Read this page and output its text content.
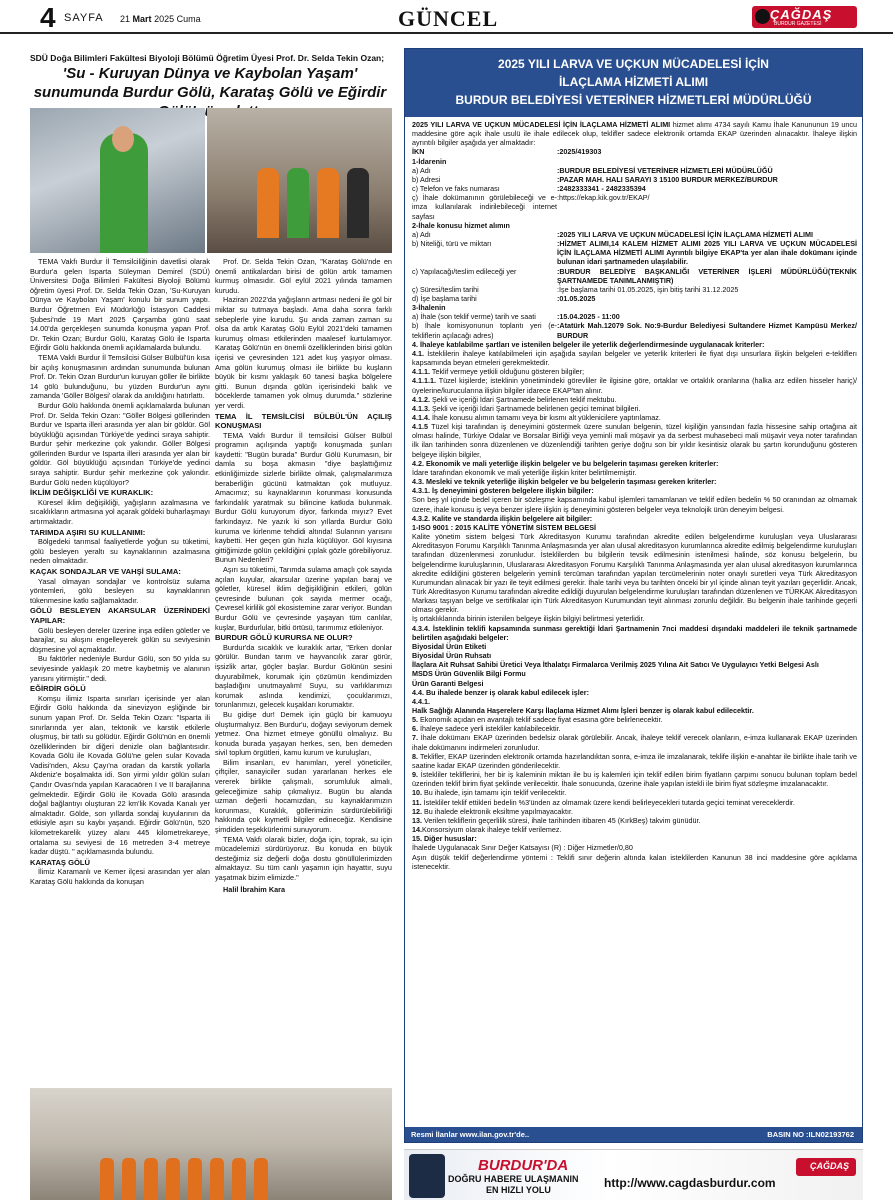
4 SAYFA 21 Mart 2025 Cuma	GÜNCEL	ÇAĞDAŞ
BURDUR GAZETESİ
SDÜ Doğa Bilimleri Fakültesi Biyoloji Bölümü Öğretim Üyesi Prof. Dr. Selda Tekin Ozan;
'Su - Kuruyan Dünya ve Kaybolan Yaşam' sunumunda Burdur Gölü, Karataş Gölü ve Eğirdir

TEMA Vakfı Burdur İl Temsilciliğinin davetlisi olarak Burdur'a gelen Isparta Süleyman Demirel (SDÜ) Üniversitesi Doğa Bilimleri Fakültesi Biyoloji Bölümü öğretim üyesi Prof. Dr. Selda Tekin Ozan, 'Su-Kuruyan Dünya ve Kaybolan Yaşam' konulu bir sunum yaptı. Burdur Öğretmen Evi Müdürlüğü İstasyon Caddesi Şubesi'nde 19 Mart 2025 Çarşamba günü saat 14.00'da gerçekleşen sunumda konuşma yapan Prof. Dr. Tekin Ozan; Burdur Gölü, Karataş Gölü ile Isparta Eğirdir Gölü hakkında önemli açıklamalarda bulundu.

TEMA Vakfı Burdur İl Temsilcisi Gülser Bülbül'ün kısa bir açılış konuşmasının ardından sunumunda bulunan Prof. Dr. Tekin Ozan Burdur'un kuruyan göller ile birlikte 14 gölü bulunduğunu, bu yüzden Burdur'un aynı zamanda 'Göller Bölgesi' olarak da anıldığını hatırlattı.

Burdur Gölü hakkında önemli açıklamalarda bulunan Prof. Dr. Selda Tekin Ozan: "Göller Bölgesi göllerinden Burdur ve Isparta illeri arasında yer alan bir göldür. Göl büyüklüğü açısından Türkiye'de yedinci sıraya sahiptir. Burdur şehir merkezine çok yakındır. Göller Bölgesi göllerinden Burdur ve Isparta illeri arasında yer alan bir göldür. Göl büyüklüğü açısından Türkiye'de yedinci sıraya sahiptir. Burdur şehir merkezine çok yakındır. Burdur Gölü neden küçülüyor?

İKLİM DEĞİŞKLİĞİ VE KURAKLIK:

Küresel iklim değişikliği, yağışların azalmasına ve sıcaklıkların artmasına yol açarak göldeki buharlaşmayı artırmaktadır.

TARIMDA AŞIRI SU KULLANIMI:

Bölgedeki tarımsal faaliyetlerde yoğun su tüketimi, gölü besleyen yeraltı su kaynaklarının azalmasına neden olmaktadır.

KAÇAK SONDAJLAR VE VAHŞİ SULAMA:

Yasal olmayan sondajlar ve kontrolsüz sulama yöntemleri, gölü besleyen su kaynaklarının tükenmesine katkı sağlamaktadır.

GÖLÜ BESLEYEN AKARSULAR ÜZERİNDEKİ YAPILAR:

Gölü besleyen dereler üzerine inşa edilen göletler ve barajlar, su akışını engelleyerek gölün su seviyesinin düşmesine yol açmaktadır.

Bu faktörler nedeniyle Burdur Gölü, son 50 yılda su seviyesinde yaklaşık 20 metre kaybetmiş ve alanının yarısını yitirmiştir." dedi.

EĞİRDİR GÖLÜ

Komşu ilimiz Isparta sınırları içerisinde yer alan Eğirdir Gölü hakkında da sinevizyon eşliğinde bir sunum yapan Prof. Dr. Selda Tekin Ozan: "Isparta ili sınırlarında yer alan, tektonik ve karstik etkilerle oluşmuş, bir tatlı su gölüdür. Eğirdir Gölü'nün en önemli özelliklerinden bir diğeri denizle olan bağlantısıdır. Kovada Gölü ile Kovada Gölü'ne gelen sular Kovada Vadisi'nden, Aksu Çayı'na oradan da karstik yollarla Akdeniz'e boşalmakta idi. Son yirmi yıldır gölün suları Çandır Ovası'nda yapılan Karacaören I ve II barajlarına gelmektedir. Eğirdir Gölü ile Kovada Gölü arasında doğal bağlantıyı oluşturan 22 km'lik Kovada Kanalı yer almaktadır. Gölde, son yıllarda sondaj kuyularının da etkisiyle aşırı su kaybı yaşandı. Eğirdir Gölü'nün, 520 kilometrekarelik yüzey alanı 445 kilometrekareye, ortalama su seviyesi de 16 metreden 3-4 metreye kadar düştü. " açıklamasında bulundu.

KARATAŞ GÖLÜ

İlimiz Karamanlı ve Kemer ilçesi arasından yer alan Karataş Gölü hakkında da konuşan

Prof. Dr. Selda Tekin Ozan, "Karataş Gölü'nde en önemli antikalardan birisi de gölün artık tamamen kurmuş olmasıdır. Göl eylül 2021 yılında tamamen kurudu.

Haziran 2022'da yağışların artması nedeni ile göl bir miktar su tutmaya başladı. Ama daha sonra farklı sebeplerle yine kurudu. Şu anda zaman zaman su olsa da artık Karataş Gölü Eylül 2021'deki tamamen kurumuş olması etkilerinden maalesef kurtulamıyor. Karataş Gölü'nün en önemli özelliklerinden birisi gölün içerisi ve çevresinden 121 adet kuş yaşıyor olması. Ama gölün kurumuş olması ile birlikte bu kuşların büyük bir kısmı yaklaşık 60 tanesi başka bölgelere gitti. Bunun dışında gölün içerisindeki balık ve böceklerde tamamen yok olmuş durumda." sözlerine yer verdi.

TEMA İL TEMSİLCİSİ BÜLBÜL'ÜN AÇILIŞ KONUŞMASI

TEMA Vakfı Burdur İl temsilcisi Gülser Bülbül programın açılışında yaptığı konuşmada şunları kaydetti: "Bugün burada" Burdur Gölü Kurumasın, bir damla su boşa akmasın "diye başlattığımız etkinliğimizde sizlerle birlikte olmak, çalışmalarımıza beraberliğin gücünü katmaktan çok mutluyuz. Amacımız; su kaynaklarının korunması konusunda farkındalık yaratmak su bilincine katkıda bulunmak. Burdur Gölü kuruyorum diyor, farkında mıyız? Evet farkındayız. Ne yazık ki son yıllarda Burdur Gölü kuruma ve kirlenme tehdidi altında! Sularının yarısını kaybetti. Her geçen gün hızla küçülüyor. Göl kıyısına gittiğimizde gölün çekildiğini çıplak gözle görebiliyoruz. Bunun Nedenleri?

Aşırı su tüketimi, Tarımda sulama amaçlı çok sayıda açılan kuyular, akarsular üzerine yapılan baraj ve göletler, küresel iklim değişikliğinin etkileri, gölün çevresinde bulunan çok sayıda mermer ocağı, Çevresel kirlilik göl ekosistemine zarar veriyor. Bundan Burdur Gölü ve çevresinde yaşayan tüm canlılar, kuşlar, Burdurlular, bitki örtüsü, tarımımız etkileniyor.

BURDUR GÖLÜ KURURSA NE OLUR?

Burdur'da sıcaklık ve kuraklık artar, "Erken donlar görülür. Bundan tarım ve hayvancılık zarar görür, işsizlik artar, göçler başlar. Burdur Gölünün sesini duyurabilmek, korumak için çözümün kendimizden başladığını unutmayalım! Suyu, su varlıklarımızı korumak aslında kendimizi, çocuklarımızı, torunlarımızı, gelecek kuşakları korumaktır.

Bu gidişe dur! Demek için güçlü bir kamuoyu oluşturmalıyız. Ben Burdur'u, doğayı seviyorum demek yetmez. Ona hizmet etmeye gönüllü olmalıyız. Bu konuda burada yaşayan herkes, sen, ben demeden sivil toplum örgütleri, kamu kurum ve kuruluşları,

Bilim insanları, ev hanımları, yerel yöneticiler, çiftçiler, sanayiciler sudan yararlanan herkes ele vererek birlikte çalışmalı, sorumluluk almalı, geleceğimize sahip çıkmalıyız. Bugün bu alanda uzman değerli hocamızdan, su kaynaklarımızın korunması, Kuraklık, göllerimizin sürdürülebilirliği hakkında çok kıymetli bilgiler edineceğiz. Kendisine şimdiden teşekkürlerimi sunuyorum.

TEMA Vakfı olarak bizler, doğa için, toprak, su için mücadelemizi sürdürüyoruz. Bu konuda en büyük desteğimiz siz değerli doğa dostu gönüllülerimizden almaktayız. Su tüm canlı yaşamın için hayattır, suyu yaşatmak bizim elimizde."

Halil İbrahim Kara

2025 YILI LARVA VE UÇKUN MÜCADELESİ İÇİN
İLAÇLAMA HİZMETİ ALIMI
BURDUR BELEDİYESİ VETERİNER HİZMETLERİ MÜDÜRLÜĞÜ
2025 YILI LARVA VE UÇKUN MÜCADELESİ İÇİN İLAÇLAMA HİZMETİ ALIMI hizmet alımı 4734 sayılı Kamu İhale Kanununun 19 uncu maddesine göre açık ihale usulü ile ihale edilecek olup, teklifler sadece elektronik ortamda EKAP üzerinden alınacaktır. İhaleye ilişkin ayrıntılı bilgiler aşağıda yer almaktadır:
İKN	:2025/419303
1-İdarenin
a) Adı	:BURDUR BELEDİYESİ VETERİNER HİZMETLERİ MÜDÜRLÜĞÜ
b) Adresi	:PAZAR MAH. HALI SARAYI 3 15100 BURDUR MERKEZ/BURDUR
c) Telefon ve faks numarası	:2482333341 - 2482335394
ç) İhale dokümanının görülebileceği ve e-imza kullanılarak indirilebileceği internet sayfası
:https://ekap.kik.gov.tr/EKAP/
2-İhale konusu hizmet alımın
a) Adı	:2025 YILI LARVA VE UÇKUN MÜCADELESİ İÇİN İLAÇLAMA HİZMETİ ALIMI
b) Niteliği, türü ve miktarı	:HİZMET ALIMI,14 KALEM HİZMET ALIMI 2025 YILI LARVA VE UÇKUN MÜCADELESİ İÇİN İLAÇLAMA HİZMETİ ALIMI Ayrıntılı bilgiye EKAP'ta yer alan ihale dokümanı içinde bulunan idari şartnameden ulaşılabilir.
c) Yapılacağı/teslim edileceği yer	:BURDUR BELEDİYE BAŞKANLIĞI VETERİNER İŞLERİ MÜDÜRLÜĞÜ(TEKNİK ŞARTNAMEDE TANIMLANMIŞTIR)
ç) Süresi/teslim tarihi	:İşe başlama tarihi 01.05.2025, işin bitiş tarihi 31.12.2025
d) İşe başlama tarihi	:01.05.2025
3-İhalenin
a) İhale (son teklif verme) tarih ve saati	:15.04.2025 - 11:00
b) İhale komisyonunun toplantı yeri (e-tekliflerin açılacağı adres)
:Atatürk Mah.12079 Sok. No:9-Burdur Belediyesi Sultandere Hizmet Kampüsü Merkez/ BURDUR
4. İhaleye katılabilme şartları ve istenilen belgeler ile yeterlik değerlendirmesinde uygulanacak kriterler:
4.1. İsteklilerin ihaleye katılabilmeleri için aşağıda sayılan belgeler ve yeterlik kriterleri ile fiyat dışı unsurlara ilişkin belgeleri e-tekliflerı kapsamında beyan etmeleri gerekmektedir.
4.1.1. Teklif vermeye yetkili olduğunu gösteren bilgiler;
4.1.1.1. Tüzel kişilerde; isteklinin yönetimindeki görevliler ile ilgisine göre, ortaklar ve ortaklık oranlarına (halka arz edilen hisseler hariç)/üyelerine/kurucularına ilişkin bilgiler idarece EKAP'tan alınır.
4.1.2. Şekli ve içeriği İdari Şartnamede belirlenen teklif mektubu.
4.1.3. Şekli ve içeriği İdari Şartnamede belirlenen geçici teminat bilgileri.
4.1.4. İhale konusu alımın tamamı veya bir kısmı alt yüklenicilere yaptırılamaz.
4.1.5 Tüzel kişi tarafından iş deneyimini göstermek üzere sunulan belgenin, tüzel kişiliğin yarısından fazla hissesine sahip ortağına ait olması halinde, Türkiye Odalar ve Borsalar Birliği veya yeminli mali müşavir ya da serbest muhasebeci mali müşavir veya noter tarafından ilk ilan tarihinden sonra düzenlenen ve düzenlendiği tarihten geriye doğru son bir yıldır kesintisiz olarak bu şartın korunduğunu gösteren belgeye ilişkin bilgiler,
4.2. Ekonomik ve mali yeterliğe ilişkin belgeler ve bu belgelerin taşıması gereken kriterler:
İdare tarafından ekonomik ve mali yeterliğe ilişkin kriter belirtilmemiştir.
4.3. Mesleki ve teknik yeterliğe ilişkin belgeler ve bu belgelerin taşıması gereken kriterler:
4.3.1. İş deneyimini gösteren belgelere ilişkin bilgiler:
Son beş yıl içinde bedel içeren bir sözleşme kapsamında kabul işlemleri tamamlanan ve teklif edilen bedelin % 50 oranından az olmamak üzere, ihale konusu iş veya benzer işlere ilişkin iş deneyimini gösteren belgeler veya teknolojik ürün deneyim belgesi.
4.3.2. Kalite ve standarda ilişkin belgelere ait bilgiler:
1-ISO 9001 : 2015 KALİTE YÖNETİM SİSTEM BELGESİ
Kalite yönetim sistem belgesi Türk Akreditasyon Kurumu tarafından akredite edilen belgelendirme kuruluşları veya Uluslararası Akreditasyon Forumu Karşılıklı Tanınma Anlaşmasında yer alan ulusal akreditasyon kurumlarınca akredite edilmiş belgelendirme kuruluşları tarafından düzenlenmesi zorunludur. İsteklilerden bu bilgilerin tevsik edilmesinin istenilmesi halinde, söz konusu belgelerin, bu belgelendirme kuruluşlarının, Uluslararası Akreditasyon Forumu Karşılıklı Tanınma Anlaşmasında yer alan ulusal akreditasyon kurumlarınca akredite edildiğini gösteren belgelerin yeminli tercüman tarafından yapılan tercümelerinin noter onaylı suretleri veya Türk Akreditasyon Kurumundan alınacak bir yazı ile teyit edilmesi gerekir. İhale tarihi veya bu tarihten önceki bir yıl içinde alınan teyit yazıları geçerlidir. Ancak, Türk Akreditasyon Kurumu tarafından akredite edildiği duyurulan belgelendirme kuruluşları tarafından düzenlenen ve TÜRKAK Akreditasyon Markası taşıyan belge ve sertifikalar için Türk Akreditasyon Kurumundan teyit alınması zorunlu değildir. Bu belgenin ihale tarihinde geçerli olması gerekir.
İş ortaklıklarında birinin istenilen belgeye ilişkin bilgiyi belirtmesi yeterlidir.
4.3.4. İsteklinin teklifi kapsamında sunması gerektiği İdari Şartnamenin 7nci maddesi dışındaki maddeleri ile teknik şartnamede belirtilen aşağıdaki belgeler:
Biyosidal Ürün Etiketi
Biyosidal Ürün Ruhsatı
İlaçlara Ait Ruhsat Sahibi Üretici Veya İthalatçı Firmalarca Verilmiş 2025 Yılına Ait Satıcı Ve Uygulayıcı Yetki Belgesi Aslı
MSDS Ürün Güvenlik Bilgi Formu
Ürün Garanti Belgesi
4.4. Bu ihalede benzer iş olarak kabul edilecek işler:
4.4.1.
Halk Sağlığı Alanında Haşerelere Karşı İlaçlama Hizmet Alımı İşleri benzer iş olarak kabul edilecektir.
5. Ekonomik açıdan en avantajlı teklif sadece fiyat esasına göre belirlenecektir.
6. İhaleye sadece yerli istekliler katılabilecektir.
7. İhale dokümanı EKAP üzerinden bedelsiz olarak görülebilir. Ancak, ihaleye teklif verecek olanların, e-imza kullanarak EKAP üzerinden ihale dokümanını indirmeleri zorunludur.
8. Teklifler, EKAP üzerinden elektronik ortamda hazırlandıktan sonra, e-imza ile imzalanarak, teklife ilişkin e-anahtar ile birlikte ihale tarih ve saatine kadar EKAP üzerinden gönderilecektir.
9. İstekliler tekliflerini, her bir iş kaleminin miktarı ile bu iş kalemleri için teklif edilen birim fiyatların çarpımı sonucu bulunan toplam bedel üzerinden teklif birim fiyat şeklinde verilecektir. İhale sonucunda, üzerine ihale yapılan istekli ile birim fiyat sözleşme imzalanacaktır.
10. Bu ihalede, işin tamamı için teklif verilecektir.
11. İstekliler teklif ettikleri bedelin %3'ünden az olmamak üzere kendi belirleyecekleri tutarda geçici teminat vereceklerdir.
12. Bu ihalede elektronik eksiltme yapılmayacaktır.
13. Verilen tekliflerin geçerlilik süresi, ihale tarihinden itibaren 45 (KırkBeş) takvim günüdür.
14.Konsorsiyum olarak ihaleye teklif verilemez.
15. Diğer hususlar:
İhalede Uygulanacak Sınır Değer Katsayısı (R) : Diğer Hizmetler/0,80
Aşırı düşük teklif değerlendirme yöntemi : Teklifi sınır değerin altında kalan isteklilerden Kanunun 38 inci maddesine göre açıklama istenecektir.
Resmi İlanlar www.ilan.gov.tr'de..	BASIN NO :ILN02193762
BURDUR'DA
DOĞRU HABERE ULAŞMANIN
EN HIZLI YOLU	http://www.cagdasburdur.com
ÇAĞDAŞ
